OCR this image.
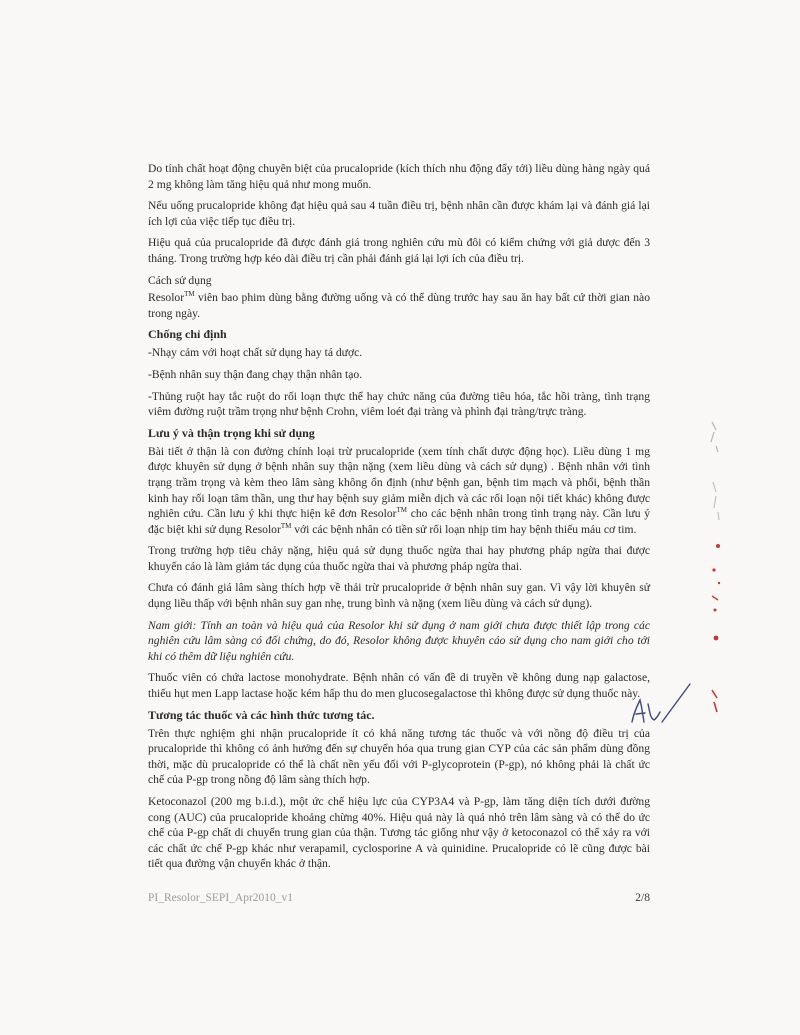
Do tính chất hoạt động chuyên biệt của prucalopride (kích thích nhu động đẩy tới) liều dùng hàng ngày quá 2 mg không làm tăng hiệu quả như mong muốn.

Nếu uống prucalopride không đạt hiệu quả sau 4 tuần điều trị, bệnh nhân cần được khám lại và đánh giá lại ích lợi của việc tiếp tục điều trị.

Hiệu quả của prucalopride đã được đánh giá trong nghiên cứu mù đôi có kiểm chứng với giả dược đến 3 tháng. Trong trường hợp kéo dài điều trị cần phải đánh giá lại lợi ích của điều trị.

Cách sử dụng

Resolor™ viên bao phim dùng bằng đường uống và có thể dùng trước hay sau ăn hay bất cứ thời gian nào trong ngày.

Chống chỉ định

-Nhạy cảm với hoạt chất sử dụng hay tá dược.

-Bệnh nhân suy thận đang chạy thận nhân tạo.

-Thủng ruột hay tắc ruột do rối loạn thực thể hay chức năng của đường tiêu hóa, tắc hồi tràng, tình trạng viêm đường ruột trầm trọng như bệnh Crohn, viêm loét đại tràng và phình đại tràng/trực tràng.

Lưu ý và thận trọng khi sử dụng

Bài tiết ở thận là con đường chính loại trừ prucalopride (xem tính chất dược động học). Liều dùng 1 mg được khuyên sử dụng ở bệnh nhân suy thận nặng (xem liều dùng và cách sử dụng) . Bệnh nhân với tình trạng trầm trọng và kèm theo lâm sàng không ổn định (như bệnh gan, bệnh tim mạch và phổi, bệnh thần kinh hay rối loạn tâm thần, ung thư hay bệnh suy giảm miễn dịch và các rối loạn nội tiết khác) không được nghiên cứu. Cần lưu ý khi thực hiện kê đơn Resolor™ cho các bệnh nhân trong tình trạng này. Cần lưu ý đặc biệt khi sử dụng Resolor™ với các bệnh nhân có tiền sử rối loạn nhịp tim hay bệnh thiếu máu cơ tim.

Trong trường hợp tiêu chảy nặng, hiệu quả sử dụng thuốc ngừa thai hay phương pháp ngừa thai được khuyến cáo là làm giảm tác dụng của thuốc ngừa thai và phương pháp ngừa thai.

Chưa có đánh giá lâm sàng thích hợp về thải trừ prucalopride ở bệnh nhân suy gan. Vì vậy lời khuyên sử dụng liều thấp với bệnh nhân suy gan nhẹ, trung bình và nặng (xem liều dùng và cách sử dụng).

Nam giới: Tính an toàn và hiệu quả của Resolor khi sử dụng ở nam giới chưa được thiết lập trong các nghiên cứu lâm sàng có đối chứng, do đó, Resolor không được khuyên cáo sử dụng cho nam giới cho tới khi có thêm dữ liệu nghiên cứu.

Thuốc viên có chứa lactose monohydrate. Bệnh nhân có vấn đề di truyền về không dung nạp galactose, thiếu hụt men Lapp lactase hoặc kém hấp thu do men glucosegalactose thì không được sử dụng thuốc này.

Tương tác thuốc và các hình thức tương tác.

Trên thực nghiệm ghi nhận prucalopride ít có khả năng tương tác thuốc và với nồng độ điều trị của prucalopride thì không có ảnh hưởng đến sự chuyển hóa qua trung gian CYP của các sản phẩm dùng đồng thời, mặc dù prucalopride có thể là chất nền yếu đối với P-glycoprotein (P-gp), nó không phải là chất ức chế của P-gp trong nồng độ lâm sàng thích hợp.

Ketoconazol (200 mg b.i.d.), một ức chế hiệu lực của CYP3A4 và P-gp, làm tăng diện tích dưới đường cong (AUC) của prucalopride khoảng chừng 40%. Hiệu quả này là quá nhỏ trên lâm sàng và có thể do ức chế của P-gp chất di chuyển trung gian của thận. Tương tác giống như vậy ở ketoconazol có thể xảy ra với các chất ức chế P-gp khác như verapamil, cyclosporine A và quinidine. Prucalopride có lẽ cũng được bài tiết qua đường vận chuyển khác ở thận.

PI_Resolor_SEPI_Apr2010_v1	2/8
